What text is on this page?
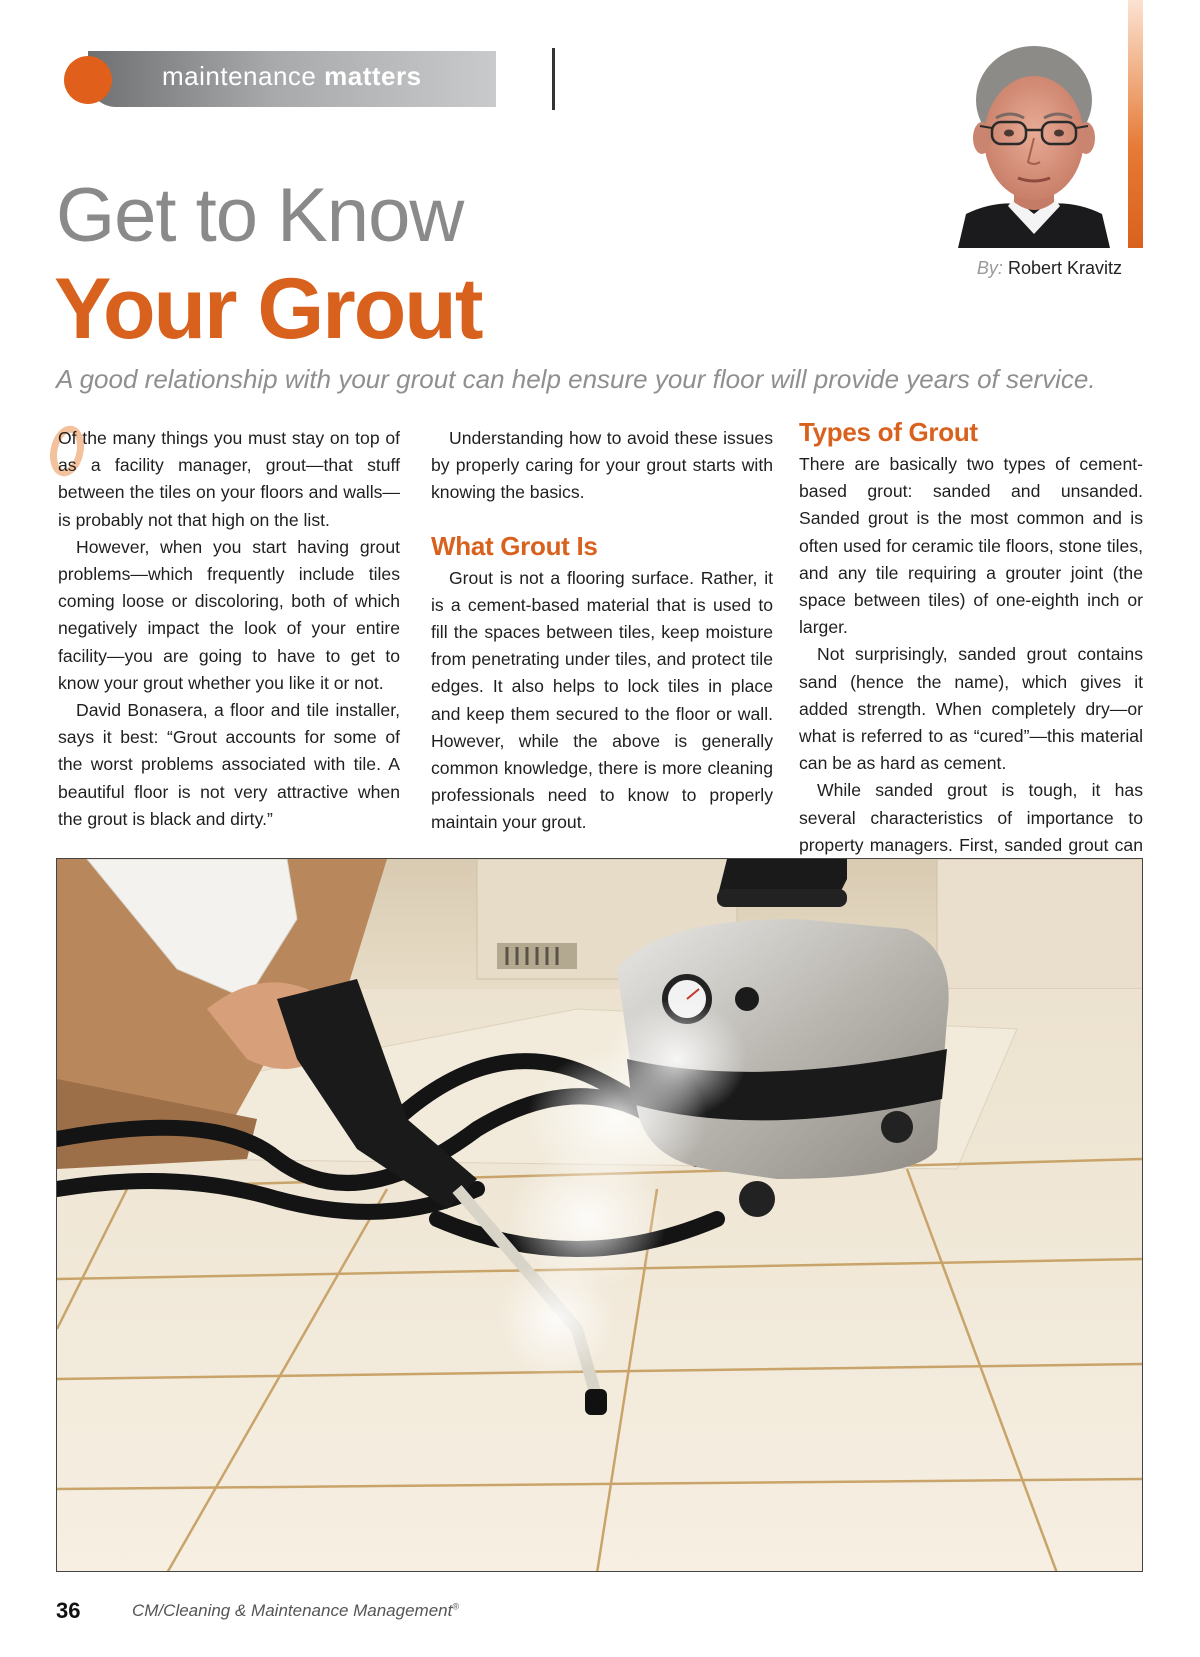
maintenance matters
By: Robert Kravitz
Get to Know
Your Grout
A good relationship with your grout can help ensure your floor will provide years of service.

Of the many things you must stay on top of as a facility manager, grout—that stuff between the tiles on your floors and walls—is probably not that high on the list.

However, when you start having grout problems—which frequently include tiles coming loose or discoloring, both of which negatively impact the look of your entire facility—you are going to have to get to know your grout whether you like it or not.

David Bonasera, a floor and tile installer, says it best: “Grout accounts for some of the worst problems associated with tile. A beautiful floor is not very attractive when the grout is black and dirty.”

Understanding how to avoid these issues by properly caring for your grout starts with knowing the basics.

What Grout Is

Grout is not a flooring surface. Rather, it is a cement-based material that is used to fill the spaces between tiles, keep moisture from penetrating under tiles, and protect tile edges. It also helps to lock tiles in place and keep them secured to the floor or wall. However, while the above is generally common knowledge, there is more cleaning professionals need to know to properly maintain your grout.

Types of Grout

There are basically two types of cement-based grout: sanded and unsanded. Sanded grout is the most common and is often used for ceramic tile floors, stone tiles, and any tile requiring a grouter joint (the space between tiles) of one-eighth inch or larger.

Not surprisingly, sanded grout contains sand (hence the name), which gives it added strength. When completely dry—or what is referred to as “cured”—this material can be as hard as cement.

While sanded grout is tough, it has several characteristics of importance to property managers. First, sanded grout can

36	CM/Cleaning & Maintenance Management®
